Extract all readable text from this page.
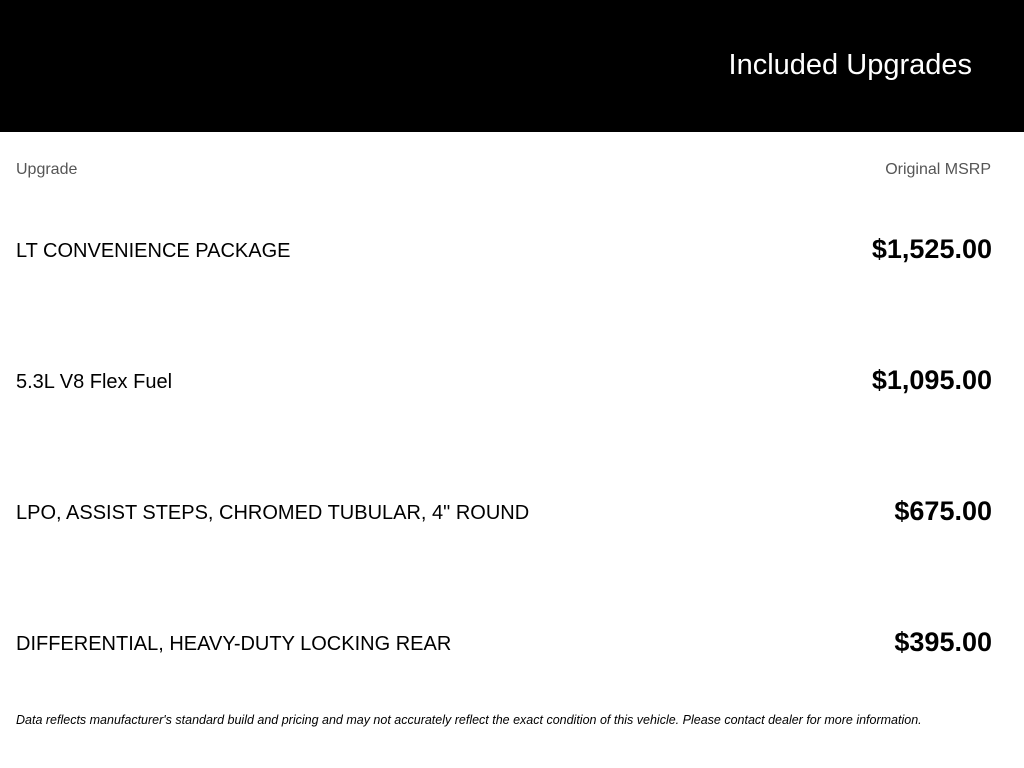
Included Upgrades
Upgrade	Original MSRP
LT CONVENIENCE PACKAGE	$1,525.00
5.3L V8 Flex Fuel	$1,095.00
LPO, ASSIST STEPS, CHROMED TUBULAR, 4" ROUND	$675.00
DIFFERENTIAL, HEAVY-DUTY LOCKING REAR	$395.00
Data reflects manufacturer's standard build and pricing and may not accurately reflect the exact condition of this vehicle. Please contact dealer for more information.
